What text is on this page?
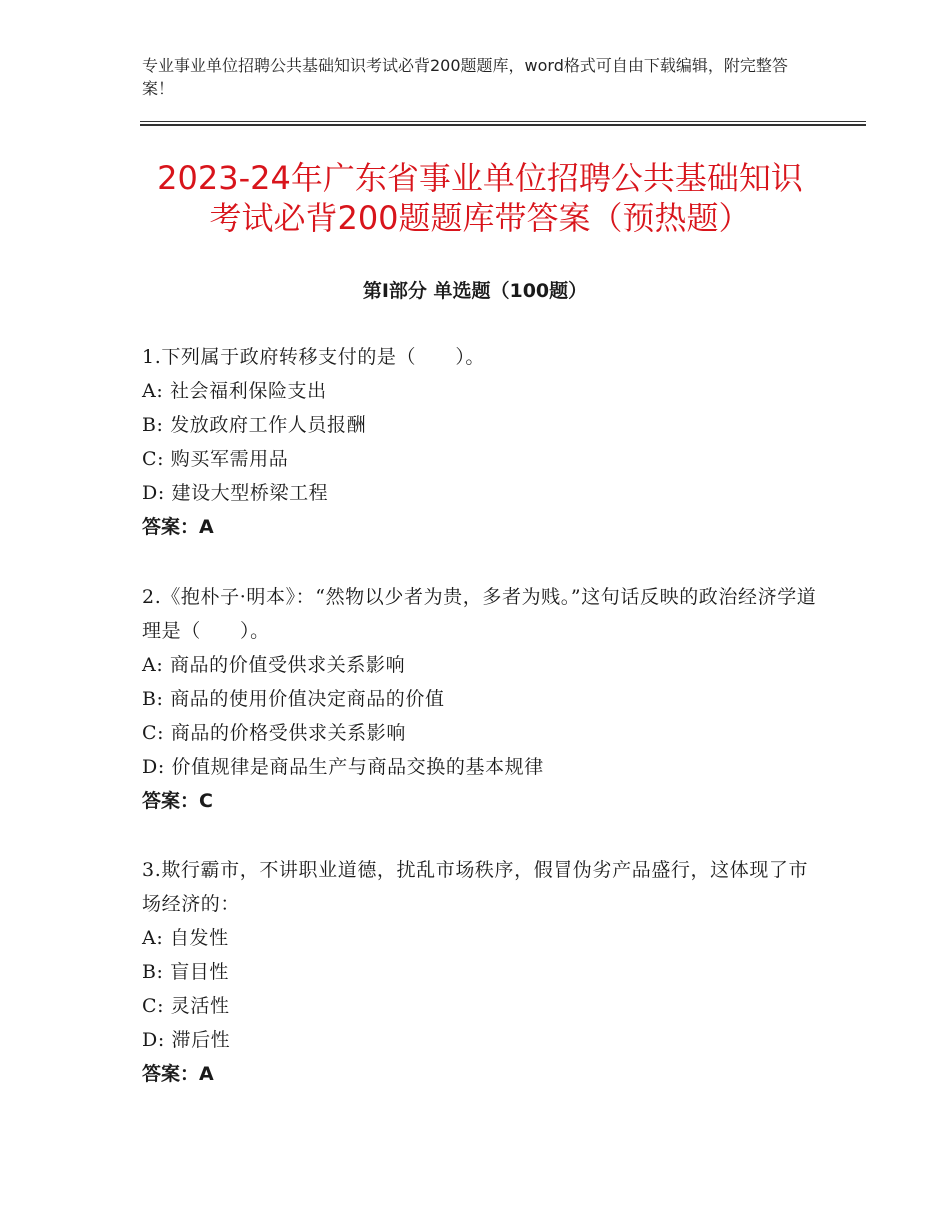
专业事业单位招聘公共基础知识考试必背200题题库，word格式可自由下载编辑，附完整答案！
2023-24年广东省事业单位招聘公共基础知识考试必背200题题库带答案（预热题）
第Ⅰ部分 单选题（100题）
1.下列属于政府转移支付的是（　　）。
A: 社会福利保险支出
B: 发放政府工作人员报酬
C: 购买军需用品
D: 建设大型桥梁工程
答案：A
2.《抱朴子·明本》：“然物以少者为贵，多者为贱。”这句话反映的政治经济学道理是（　　）。
A: 商品的价值受供求关系影响
B: 商品的使用价值决定商品的价值
C: 商品的价格受供求关系影响
D: 价值规律是商品生产与商品交换的基本规律
答案：C
3.欺行霸市，不讲职业道德，扰乱市场秩序，假冒伪劣产品盛行，这体现了市场经济的：
A: 自发性
B: 盲目性
C: 灵活性
D: 滞后性
答案：A
